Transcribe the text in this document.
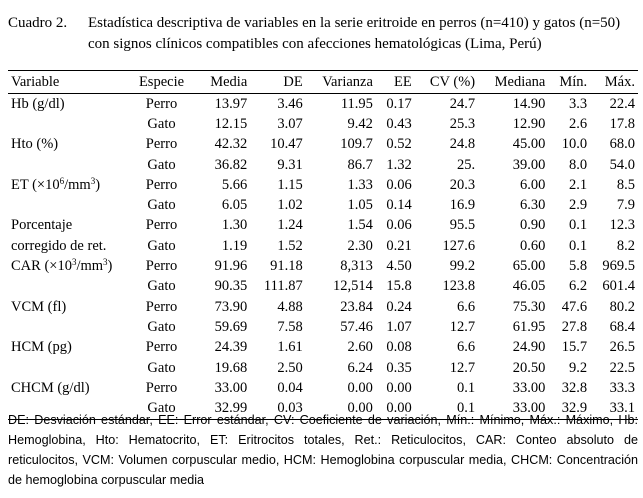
Cuadro 2. Estadística descriptiva de variables en la serie eritroide en perros (n=410) y gatos (n=50)
con signos clínicos compatibles con afecciones hematológicas (Lima, Perú)
Variable	Especie	Media	DE	Varianza	EE	CV (%)	Mediana	Mín.	Máx.
Hb (g/dl)	Perro	13.97	3.46	11.95	0.17	24.7	14.90	3.3	22.4
	Gato	12.15	3.07	9.42	0.43	25.3	12.90	2.6	17.8
Hto (%)	Perro	42.32	10.47	109.7	0.52	24.8	45.00	10.0	68.0
	Gato	36.82	9.31	86.7	1.32	25.	39.00	8.0	54.0
ET $(\times 10^6/mm^3)$	Perro	5.66	1.15	1.33	0.06	20.3	6.00	2.1	8.5
	Gato	6.05	1.02	1.05	0.14	16.9	6.30	2.9	7.9
Porcentaje	Perro	1.30	1.24	1.54	0.06	95.5	0.90	0.1	12.3
corregido de ret.	Gato	1.19	1.52	2.30	0.21	127.6	0.60	0.1	8.2
CAR $(\times 10^3/mm^3)$	Perro	91.96	91.18	8,313	4.50	99.2	65.00	5.8	969.5
	Gato	90.35	111.87	12,514	15.8	123.8	46.05	6.2	601.4
VCM (fl)	Perro	73.90	4.88	23.84	0.24	6.6	75.30	47.6	80.2
	Gato	59.69	7.58	57.46	1.07	12.7	61.95	27.8	68.4
HCM (pg)	Perro	24.39	1.61	2.60	0.08	6.6	24.90	15.7	26.5
	Gato	19.68	2.50	6.24	0.35	12.7	20.50	9.2	22.5
CHCM (g/dl)	Perro	33.00	0.04	0.00	0.00	0.1	33.00	32.8	33.3
	Gato	32.99	0.03	0.00	0.00	0.1	33.00	32.9	33.1
DE: Desviación estándar, EE: Error estándar, CV: Coeficiente de variación, Mín.: Mínimo, Máx.: Máximo, Hb: Hemoglobina, Hto: Hematocrito, ET: Eritrocitos totales, Ret.: Reticulocitos, CAR: Conteo absoluto de reticulocitos, VCM: Volumen corpuscular medio, HCM: Hemoglobina corpuscular media, CHCM: Concentración de hemoglobina corpuscular media
